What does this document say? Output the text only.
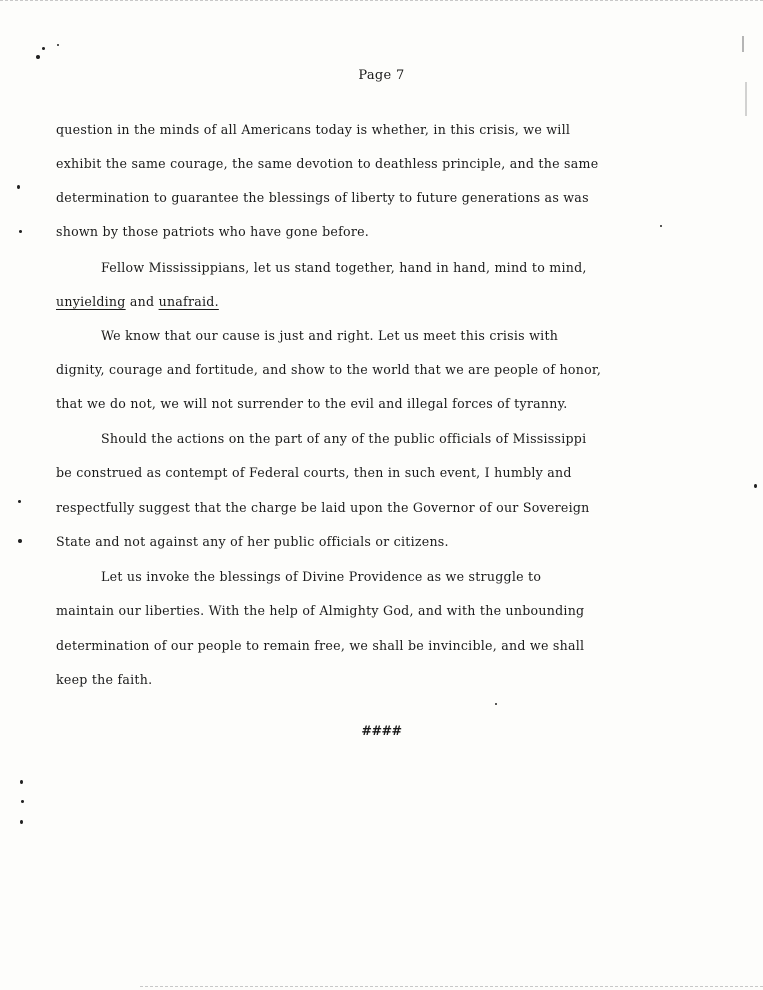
Page 7
question in the minds of all Americans today is whether, in this crisis, we will
exhibit the same courage, the same devotion to deathless principle, and the same
determination to guarantee the blessings of liberty to future generations as was
shown by those patriots who have gone before.
Fellow Mississippians, let us stand together, hand in hand, mind to mind,
unyielding and unafraid.
We know that our cause is just and right. Let us meet this crisis with
dignity, courage and fortitude, and show to the world that we are people of honor,
that we do not, we will not surrender to the evil and illegal forces of tyranny.
Should the actions on the part of any of the public officials of Mississippi
be construed as contempt of Federal courts, then in such event, I humbly and
respectfully suggest that the charge be laid upon the Governor of our Sovereign
State and not against any of her public officials or citizens.
Let us invoke the blessings of Divine Providence as we struggle to
maintain our liberties. With the help of Almighty God, and with the unbounding
determination of our people to remain free, we shall be invincible, and we shall
keep the faith.
####
